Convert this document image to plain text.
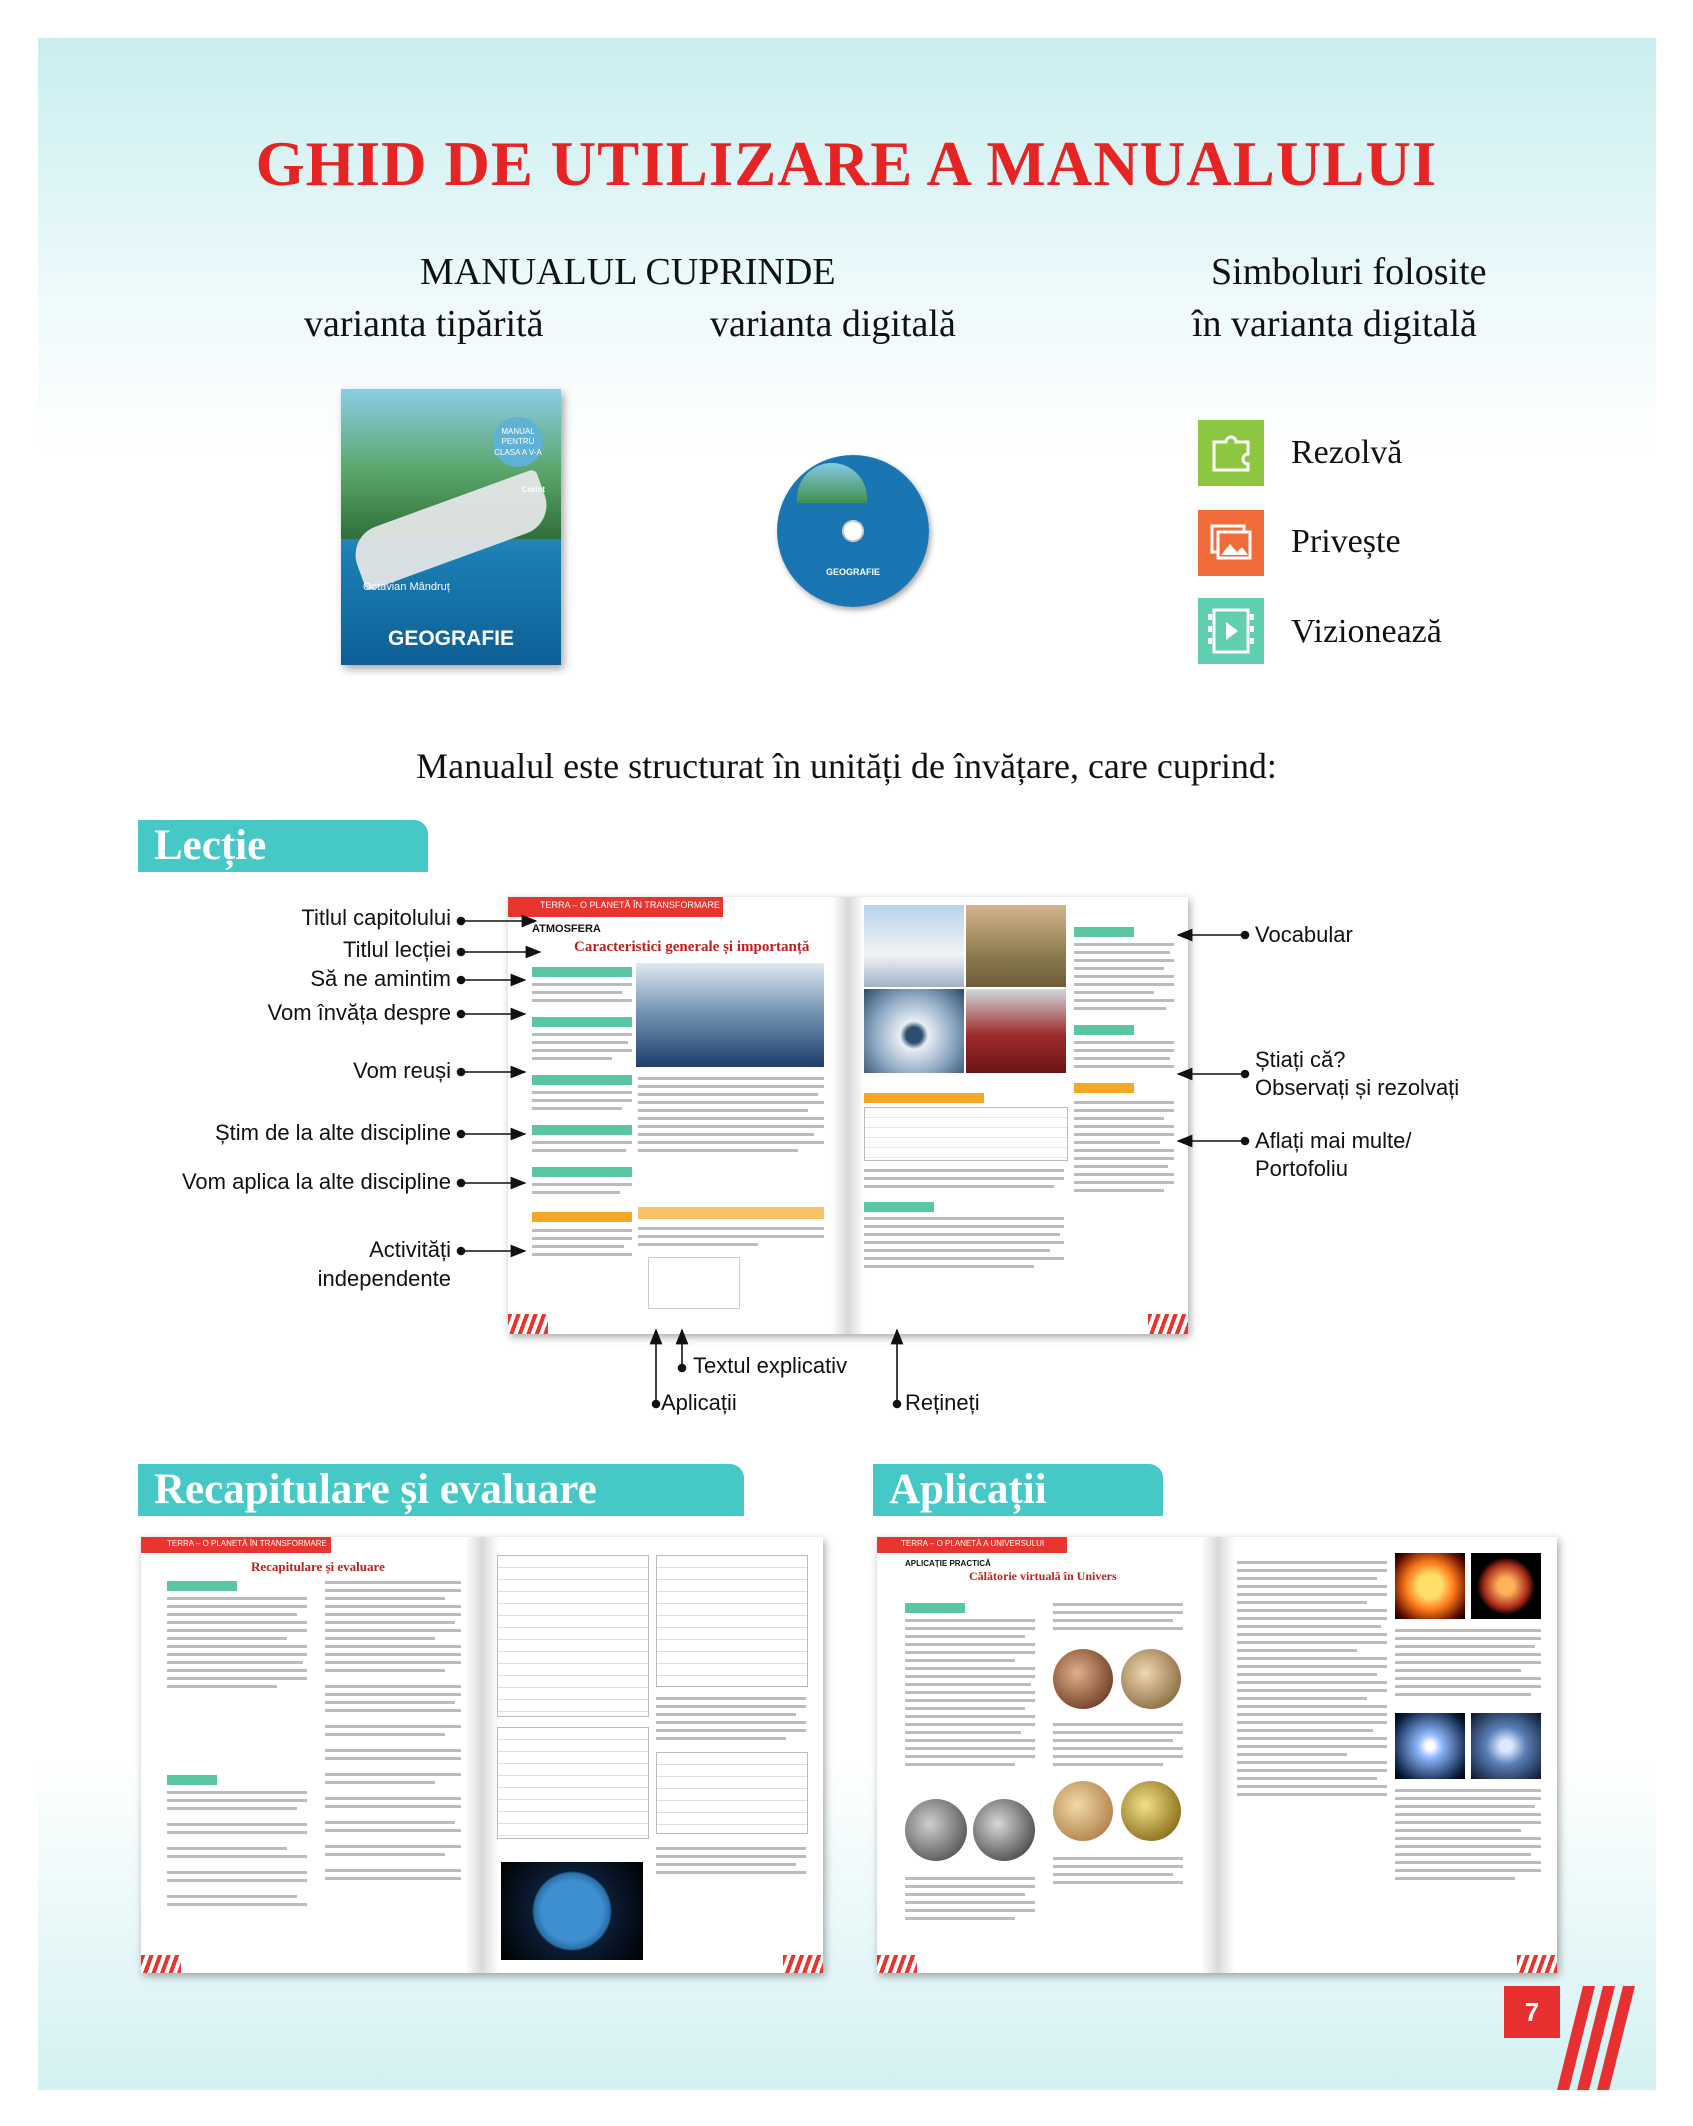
GHID DE UTILIZARE A MANUALULUI

MANUALUL CUPRINDE

varianta tipărită	varianta digitală

Simboluri folosite

în varianta digitală

MANUAL PENTRU CLASA A V-A
Corint

Octavian Mândruț

GEOGRAFIE

GEOGRAFIE

Rezolvă

Privește

Vizionează

Manualul este structurat în unități de învățare, care cuprind:

Lecție

Titlul capitolului

Titlul lecției

Să ne amintim

Vom învăța despre

Vom reuși

Știm de la alte discipline

Vom aplica la alte discipline

Activități

independente

Vocabular

Știați că?

Observați și rezolvați

Aflați mai multe/

Portofoliu

Textul explicativ

Aplicații	Rețineți

TERRA – O PLANETĂ ÎN TRANSFORMARE

ATMOSFERA

Caracteristici generale și importanță

Recapitulare și evaluare

TERRA – O PLANETĂ ÎN TRANSFORMARE

Recapitulare și evaluare

Aplicații

TERRA – O PLANETĂ A UNIVERSULUI

APLICAȚIE PRACTICĂ

Călătorie virtuală în Univers

7
